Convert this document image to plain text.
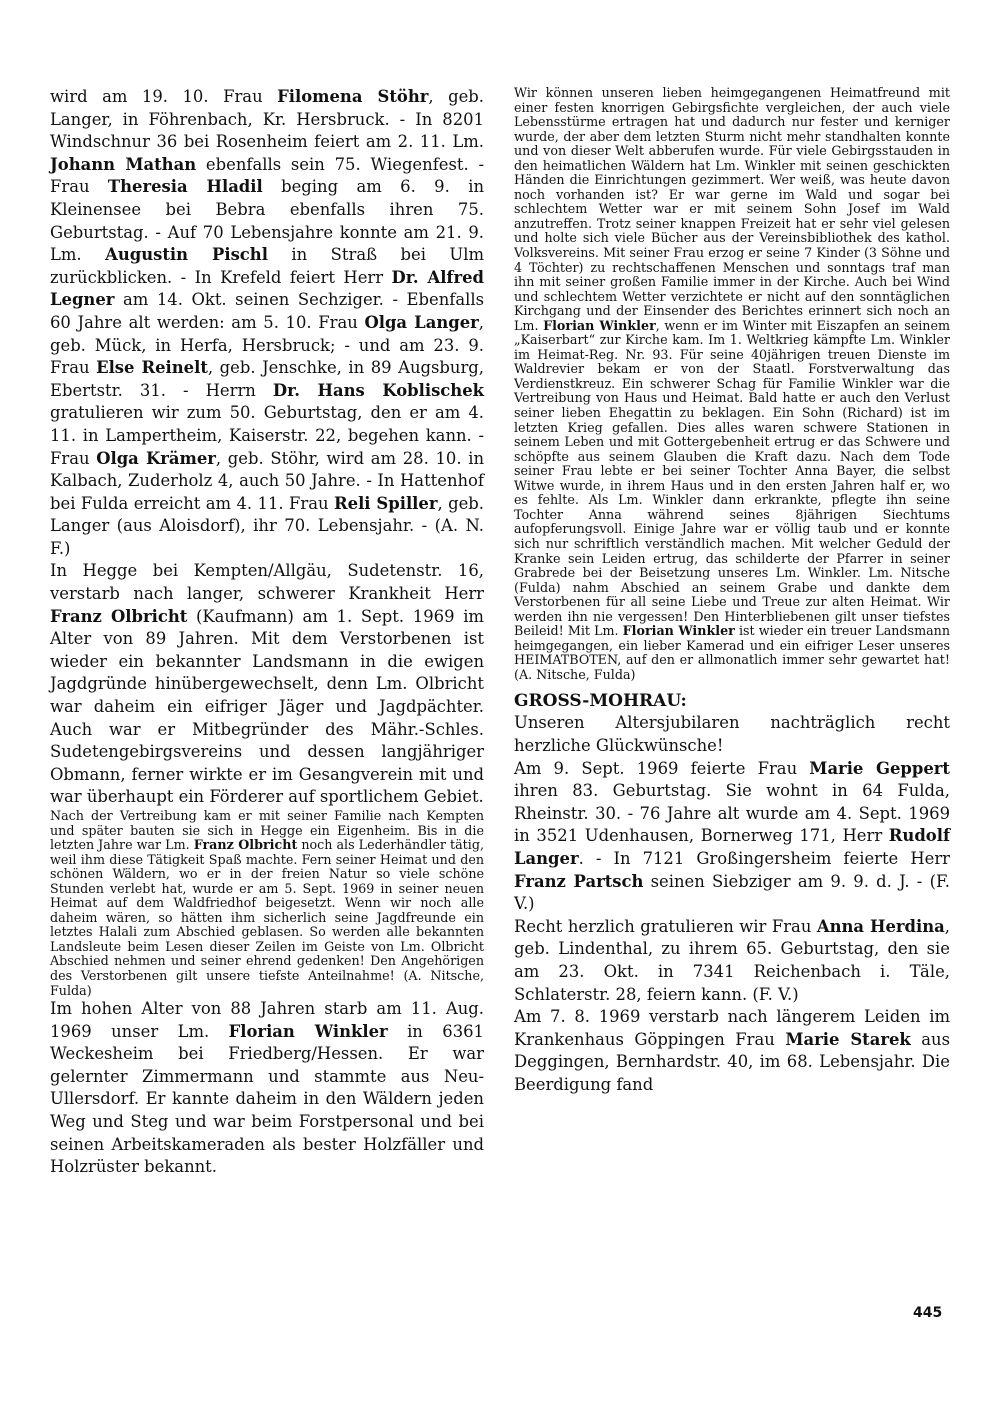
wird am 19. 10. Frau Filomena Stöhr, geb. Langer, in Föhrenbach, Kr. Hersbruck. - In 8201 Windschnur 36 bei Rosenheim feiert am 2. 11. Lm. Johann Mathan ebenfalls sein 75. Wiegenfest. - Frau Theresia Hladil beging am 6. 9. in Kleinensee bei Bebra ebenfalls ihren 75. Geburtstag. - Auf 70 Lebensjahre konnte am 21. 9. Lm. Augustin Pischl in Straß bei Ulm zurückblicken. - In Krefeld feiert Herr Dr. Alfred Legner am 14. Okt. seinen Sechziger. - Ebenfalls 60 Jahre alt werden: am 5. 10. Frau Olga Langer, geb. Mück, in Herfa, Hersbruck; - und am 23. 9. Frau Else Reinelt, geb. Jenschke, in 89 Augsburg, Ebertstr. 31. - Herrn Dr. Hans Koblischek gratulieren wir zum 50. Geburtstag, den er am 4. 11. in Lampertheim, Kaiserstr. 22, begehen kann. - Frau Olga Krämer, geb. Stöhr, wird am 28. 10. in Kalbach, Zuderholz 4, auch 50 Jahre. - In Hattenhof bei Fulda erreicht am 4. 11. Frau Reli Spiller, geb. Langer (aus Aloisdorf), ihr 70. Lebensjahr. - (A. N. F.)

In Hegge bei Kempten/Allgäu, Sudetenstr. 16, verstarb nach langer, schwerer Krankheit Herr Franz Olbricht (Kaufmann) am 1. Sept. 1969 im Alter von 89 Jahren. Mit dem Verstorbenen ist wieder ein bekannter Landsmann in die ewigen Jagdgründe hinübergewechselt, denn Lm. Olbricht war daheim ein eifriger Jäger und Jagdpächter. Auch war er Mitbegründer des Mähr.-Schles. Sudetengebirgsvereins und dessen langjähriger Obmann, ferner wirkte er im Gesangverein mit und war überhaupt ein Förderer auf sportlichem Gebiet.

Nach der Vertreibung kam er mit seiner Familie nach Kempten und später bauten sie sich in Hegge ein Eigenheim. Bis in die letzten Jahre war Lm. Franz Olbricht noch als Lederhändler tätig, weil ihm diese Tätigkeit Spaß machte. Fern seiner Heimat und den schönen Wäldern, wo er in der freien Natur so viele schöne Stunden verlebt hat, wurde er am 5. Sept. 1969 in seiner neuen Heimat auf dem Waldfriedhof beigesetzt. Wenn wir noch alle daheim wären, so hätten ihm sicherlich seine Jagdfreunde ein letztes Halali zum Abschied geblasen. So werden alle bekannten Landsleute beim Lesen dieser Zeilen im Geiste von Lm. Olbricht Abschied nehmen und seiner ehrend gedenken! Den Angehörigen des Verstorbenen gilt unsere tiefste Anteilnahme! (A. Nitsche, Fulda)

Im hohen Alter von 88 Jahren starb am 11. Aug. 1969 unser Lm. Florian Winkler in 6361 Weckesheim bei Friedberg/Hessen. Er war gelernter Zimmermann und stammte aus Neu-Ullersdorf. Er kannte daheim in den Wäldern jeden Weg und Steg und war beim Forstpersonal und bei seinen Arbeitskameraden als bester Holzfäller und Holzrüster bekannt.

Wir können unseren lieben heimgegangenen Heimatfreund mit einer festen knorrigen Gebirgsfichte vergleichen, der auch viele Lebensstürme ertragen hat und dadurch nur fester und kerniger wurde, der aber dem letzten Sturm nicht mehr standhalten konnte und von dieser Welt abberufen wurde. Für viele Gebirgsstauden in den heimatlichen Wäldern hat Lm. Winkler mit seinen geschickten Händen die Einrichtungen gezimmert. Wer weiß, was heute davon noch vorhanden ist? Er war gerne im Wald und sogar bei schlechtem Wetter war er mit seinem Sohn Josef im Wald anzutreffen. Trotz seiner knappen Freizeit hat er sehr viel gelesen und holte sich viele Bücher aus der Vereinsbibliothek des kathol. Volksvereins. Mit seiner Frau erzog er seine 7 Kinder (3 Söhne und 4 Töchter) zu rechtschaffenen Menschen und sonntags traf man ihn mit seiner großen Familie immer in der Kirche. Auch bei Wind und schlechtem Wetter verzichtete er nicht auf den sonntäglichen Kirchgang und der Einsender des Berichtes erinnert sich noch an Lm. Florian Winkler, wenn er im Winter mit Eiszapfen an seinem „Kaiserbart“ zur Kirche kam. Im 1. Weltkrieg kämpfte Lm. Winkler im Heimat-Reg. Nr. 93. Für seine 40jährigen treuen Dienste im Waldrevier bekam er von der Staatl. Forstverwaltung das Verdienstkreuz. Ein schwerer Schag für Familie Winkler war die Vertreibung von Haus und Heimat. Bald hatte er auch den Verlust seiner lieben Ehegattin zu beklagen. Ein Sohn (Richard) ist im letzten Krieg gefallen. Dies alles waren schwere Stationen in seinem Leben und mit Gottergebenheit ertrug er das Schwere und schöpfte aus seinem Glauben die Kraft dazu. Nach dem Tode seiner Frau lebte er bei seiner Tochter Anna Bayer, die selbst Witwe wurde, in ihrem Haus und in den ersten Jahren half er, wo es fehlte. Als Lm. Winkler dann erkrankte, pflegte ihn seine Tochter Anna während seines 8jährigen Siechtums aufopferungsvoll. Einige Jahre war er völlig taub und er konnte sich nur schriftlich verständlich machen. Mit welcher Geduld der Kranke sein Leiden ertrug, das schilderte der Pfarrer in seiner Grabrede bei der Beisetzung unseres Lm. Winkler. Lm. Nitsche (Fulda) nahm Abschied an seinem Grabe und dankte dem Verstorbenen für all seine Liebe und Treue zur alten Heimat. Wir werden ihn nie vergessen! Den Hinterbliebenen gilt unser tiefstes Beileid! Mit Lm. Florian Winkler ist wieder ein treuer Landsmann heimgegangen, ein lieber Kamerad und ein eifriger Leser unseres HEIMATBOTEN, auf den er allmonatlich immer sehr gewartet hat! (A. Nitsche, Fulda)

GROSS-MOHRAU:

Unseren Altersjubilaren nachträglich recht herzliche Glückwünsche!

Am 9. Sept. 1969 feierte Frau Marie Geppert ihren 83. Geburtstag. Sie wohnt in 64 Fulda, Rheinstr. 30. - 76 Jahre alt wurde am 4. Sept. 1969 in 3521 Udenhausen, Bornerweg 171, Herr Rudolf Langer. - In 7121 Großingersheim feierte Herr Franz Partsch seinen Siebziger am 9. 9. d. J. - (F. V.)

Recht herzlich gratulieren wir Frau Anna Herdina, geb. Lindenthal, zu ihrem 65. Geburtstag, den sie am 23. Okt. in 7341 Reichenbach i. Täle, Schlaterstr. 28, feiern kann. (F. V.)

Am 7. 8. 1969 verstarb nach längerem Leiden im Krankenhaus Göppingen Frau Marie Starek aus Deggingen, Bernhardstr. 40, im 68. Lebensjahr. Die Beerdigung fand

445
